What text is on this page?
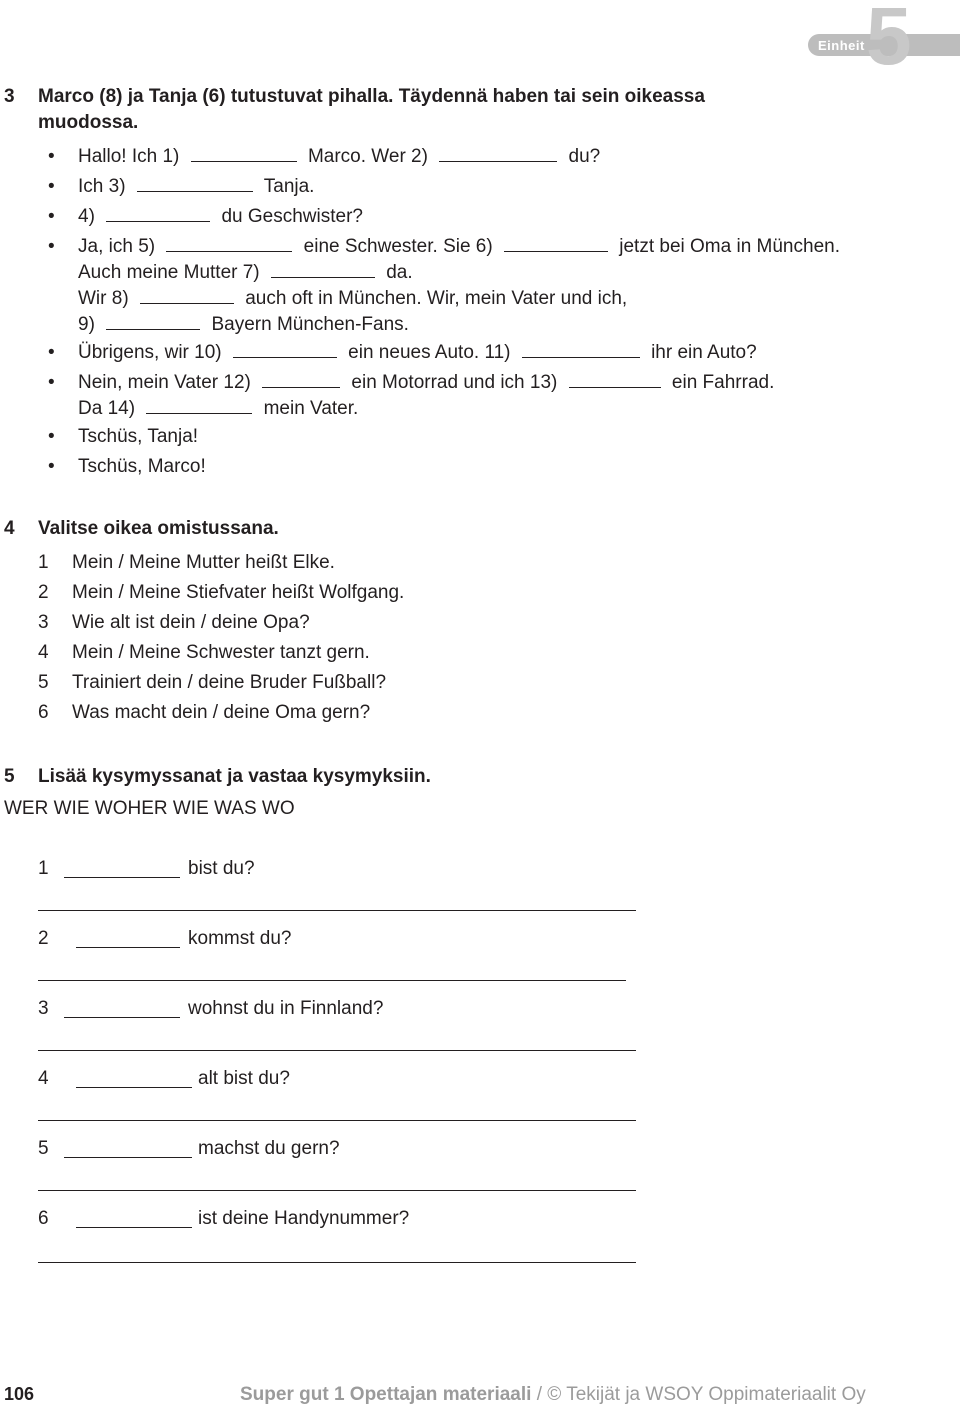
5
Einheit
3 Marco (8) ja Tanja (6) tutustuvat pihalla. Täydennä haben tai sein oikeassa
muodossa.
• Hallo! Ich 1)	Marco. Wer 2)	du?
• Ich 3)	Tanja.
• 4)	du Geschwister?
• Ja, ich 5)	eine Schwester. Sie 6)	jetzt bei Oma in München.
Auch meine Mutter 7)	da.
Wir 8)	auch oft in München. Wir, mein Vater und ich,
9)	Bayern München-Fans.
• Übrigens, wir 10)	ein neues Auto. 11)	ihr ein Auto?
• Nein, mein Vater 12)	ein Motorrad und ich 13)	ein Fahrrad.
Da 14)	mein Vater.
• Tschüs, Tanja!
• Tschüs, Marco!
4 Valitse oikea omistussana.
1 Mein / Meine Mutter heißt Elke.
2 Mein / Meine Stiefvater heißt Wolfgang.
3 Wie alt ist dein / deine Opa?
4 Mein / Meine Schwester tanzt gern.
5 Trainiert dein / deine Bruder Fußball?
6 Was macht dein / deine Oma gern?
5 Lisää kysymyssanat ja vastaa kysymyksiin.
WER WIE WOHER WIE WAS WO
1	bist du?
2	kommst du?
3	wohnst du in Finnland?
4	alt bist du?
5	machst du gern?
6	ist deine Handynummer?
106	Super gut 1 Opettajan materiaali / © Tekijät ja WSOY Oppimateriaalit Oy
